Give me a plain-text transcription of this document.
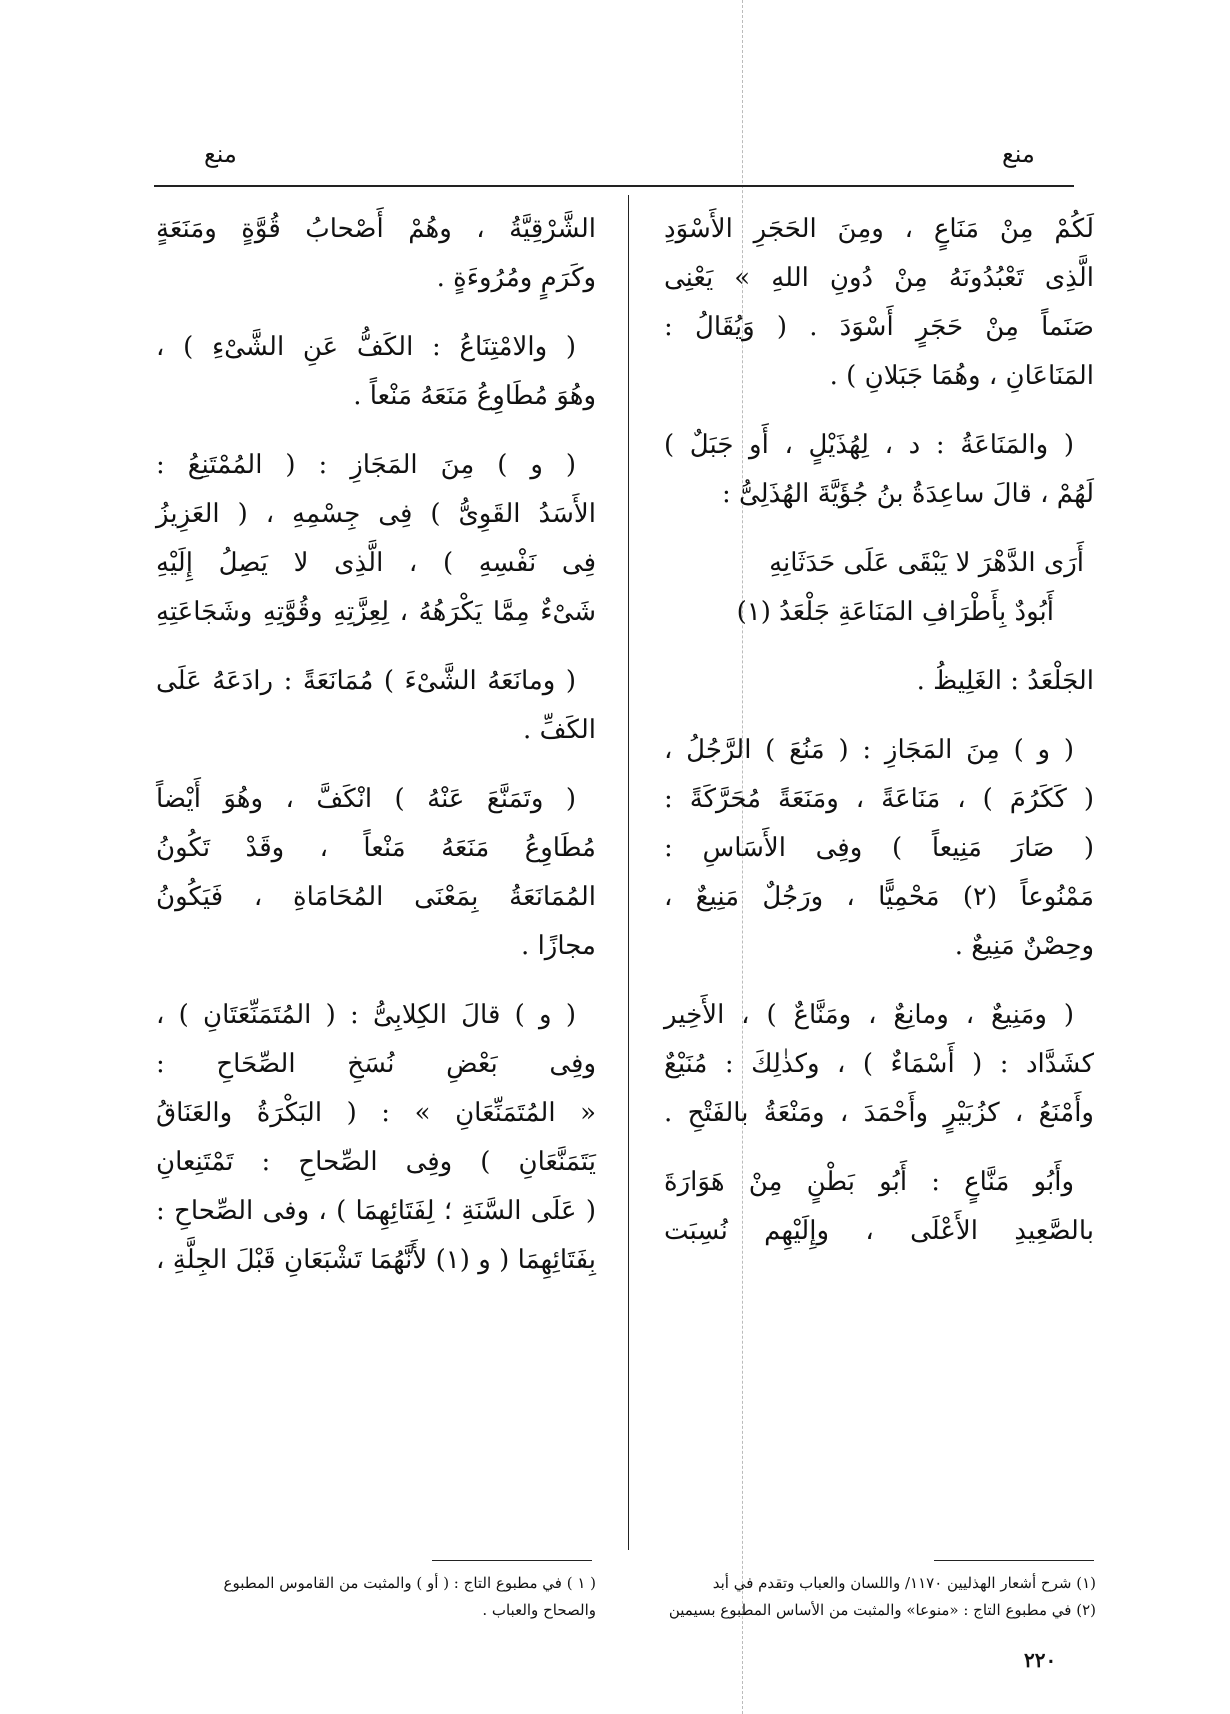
منع
منع
لَكُمْ مِنْ مَنَاعٍ ، ومِنَ الحَجَرِ الأَسْوَدِ
الَّذِى تَعْبُدُونَهُ مِنْ دُونِ اللهِ » يَعْنِى
صَنَماً مِنْ حَجَرٍ أَسْوَدَ . ( وَيُقَالُ :
المَنَاعَانِ ، وهُمَا جَبَلانِ ) .
( والمَنَاعَةُ : د ، لِهُذَيْلٍ ، أَو جَبَلٌ )
لَهُمْ ، قالَ ساعِدَةُ بنُ جُؤَيَّةَ الهُذَلِىُّ :
أَرَى الدَّهْرَ لا يَبْقَى عَلَى حَدَثَانِهِ
أَبُودٌ بِأَطْرَافِ المَنَاعَةِ جَلْعَدُ (١)
الجَلْعَدُ : الغَلِيظُ .
( و ) مِنَ المَجَازِ : ( مَنُعَ ) الرَّجُلُ ،
( كَكَرُمَ ) ، مَنَاعَةً ، ومَنَعَةً مُحَرَّكَةً :
( صَارَ مَنِيعاً ) وفِى الأَسَاسِ :
مَمْنُوعاً (٢) مَحْمِيًّا ، ورَجُلٌ مَنِيعٌ ،
وحِصْنٌ مَنِيعٌ .
( ومَنِيعٌ ، ومانِعٌ ، ومَنَّاعٌ ) ، الأَخِير
كشَدَّاد : ( أَسْمَاءٌ ) ، وكذٰلِكَ : مُنَيْعٌ
وأَمْنَعُ ، كزُبَيْرٍ وأَحْمَدَ ، ومَنْعَةُ بالفَتْحِ .
وأَبُو مَنَّاعٍ : أَبُو بَطْنٍ مِنْ هَوَارَةَ
بالصَّعِيدِ الأَعْلَى ، وإِلَيْهِم نُسِبَت
الشَّرْقِيَّةُ ، وهُمْ أَصْحابُ قُوَّةٍ ومَنَعَةٍ
وكَرَمٍ ومُرُوءَةٍ .
( والامْتِنَاعُ : الكَفُّ عَنِ الشَّىْءِ ) ،
وهُوَ مُطَاوِعُ مَنَعَهُ مَنْعاً .
( و ) مِنَ المَجَازِ : ( المُمْتَنِعُ :
الأَسَدُ القَوِىُّ ) فِى جِسْمِهِ ، ( العَزِيزُ
فِى نَفْسِهِ ) ، الَّذِى لا يَصِلُ إِلَيْهِ
شَىْءٌ مِمَّا يَكْرَهُهُ ، لِعِزَّتِهِ وقُوَّتِهِ وشَجَاعَتِهِ
( ومانَعَهُ الشَّىْءَ ) مُمَانَعَةً : رادَعَهُ عَلَى
الكَفِّ .
( وتَمَنَّعَ عَنْهُ ) انْكَفَّ ، وهُوَ أَيْضاً
مُطَاوِعُ مَنَعَهُ مَنْعاً ، وقَدْ تَكُونُ
المُمَانَعَةُ بِمَعْنَى المُحَامَاةِ ، فَيَكُونُ
مجازًا .
( و ) قالَ الكِلابِىُّ : ( المُتَمَنِّعَتَانِ ) ،
وفِى بَعْضِ نُسَخِ الصِّحَاحِ :
« المُتَمَنِّعَانِ » : ( البَكْرَةُ والعَنَاقُ
يَتَمَنَّعَانِ ) وفِى الصِّحاحِ : تَمْتَنِعانِ
( عَلَى السَّنَةِ ؛ لِفَتَائِهِمَا ) ، وفى الصِّحاحِ :
بِفَتَائِهِمَا ( و (١) لأَنَّهُمَا تَشْبَعَانِ قَبْلَ الجِلَّةِ ،
(١) شرح أشعار الهذليين ١١٧٠/ واللسان والعباب وتقدم في أبد
(٢) في مطبوع التاج : «منوعا» والمثبت من الأساس المطبوع بسيمين
( ١ ) في مطبوع التاج : ( أو ) والمثبت من القاموس المطبوع
والصحاح والعباب .
٢٢٠
